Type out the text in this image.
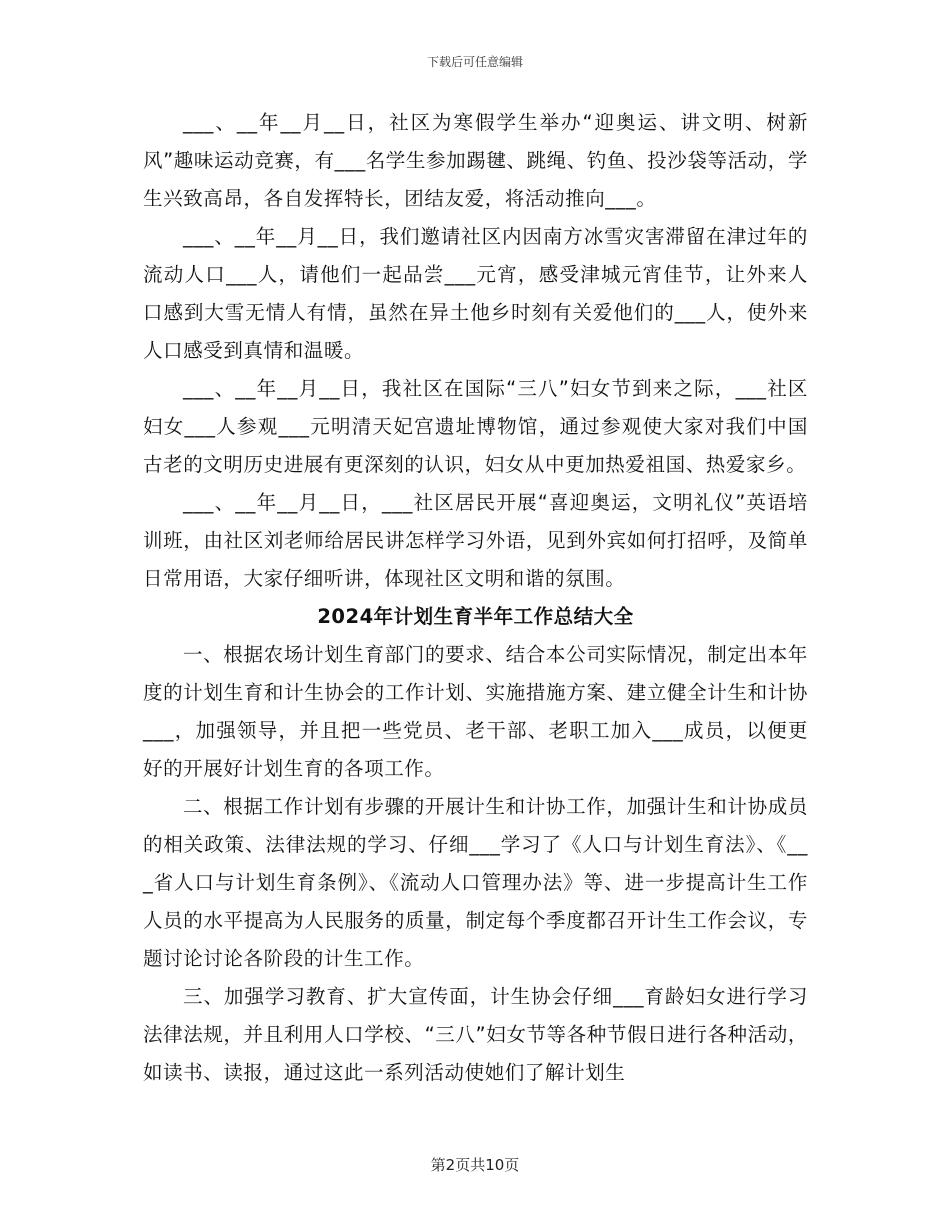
下载后可任意编辑

___、__年__月__日，社区为寒假学生举办“迎奥运、讲文明、树新风”趣味运动竞赛，有___名学生参加踢毽、跳绳、钓鱼、投沙袋等活动，学生兴致高昂，各自发挥特长，团结友爱，将活动推向___。

___、__年__月__日，我们邀请社区内因南方冰雪灾害滞留在津过年的流动人口___人，请他们一起品尝___元宵，感受津城元宵佳节，让外来人口感到大雪无情人有情，虽然在异土他乡时刻有关爱他们的___人，使外来人口感受到真情和温暖。

___、__年__月__日，我社区在国际“三八”妇女节到来之际，___社区妇女___人参观___元明清天妃宫遗址博物馆，通过参观使大家对我们中国古老的文明历史进展有更深刻的认识，妇女从中更加热爱祖国、热爱家乡。

___、__年__月__日，___社区居民开展“喜迎奥运，文明礼仪”英语培训班，由社区刘老师给居民讲怎样学习外语，见到外宾如何打招呼，及简单日常用语，大家仔细听讲，体现社区文明和谐的氛围。

2024年计划生育半年工作总结大全

一、根据农场计划生育部门的要求、结合本公司实际情况，制定出本年度的计划生育和计生协会的工作计划、实施措施方案、建立健全计生和计协___，加强领导，并且把一些党员、老干部、老职工加入___成员，以便更好的开展好计划生育的各项工作。

二、根据工作计划有步骤的开展计生和计协工作，加强计生和计协成员的相关政策、法律法规的学习、仔细___学习了《人口与计划生育法》、《___省人口与计划生育条例》、《流动人口管理办法》等、进一步提高计生工作人员的水平提高为人民服务的质量，制定每个季度都召开计生工作会议，专题讨论讨论各阶段的计生工作。

三、加强学习教育、扩大宣传面，计生协会仔细___育龄妇女进行学习法律法规，并且利用人口学校、“三八”妇女节等各种节假日进行各种活动，如读书、读报，通过这此一系列活动使她们了解计划生

第2页共10页
